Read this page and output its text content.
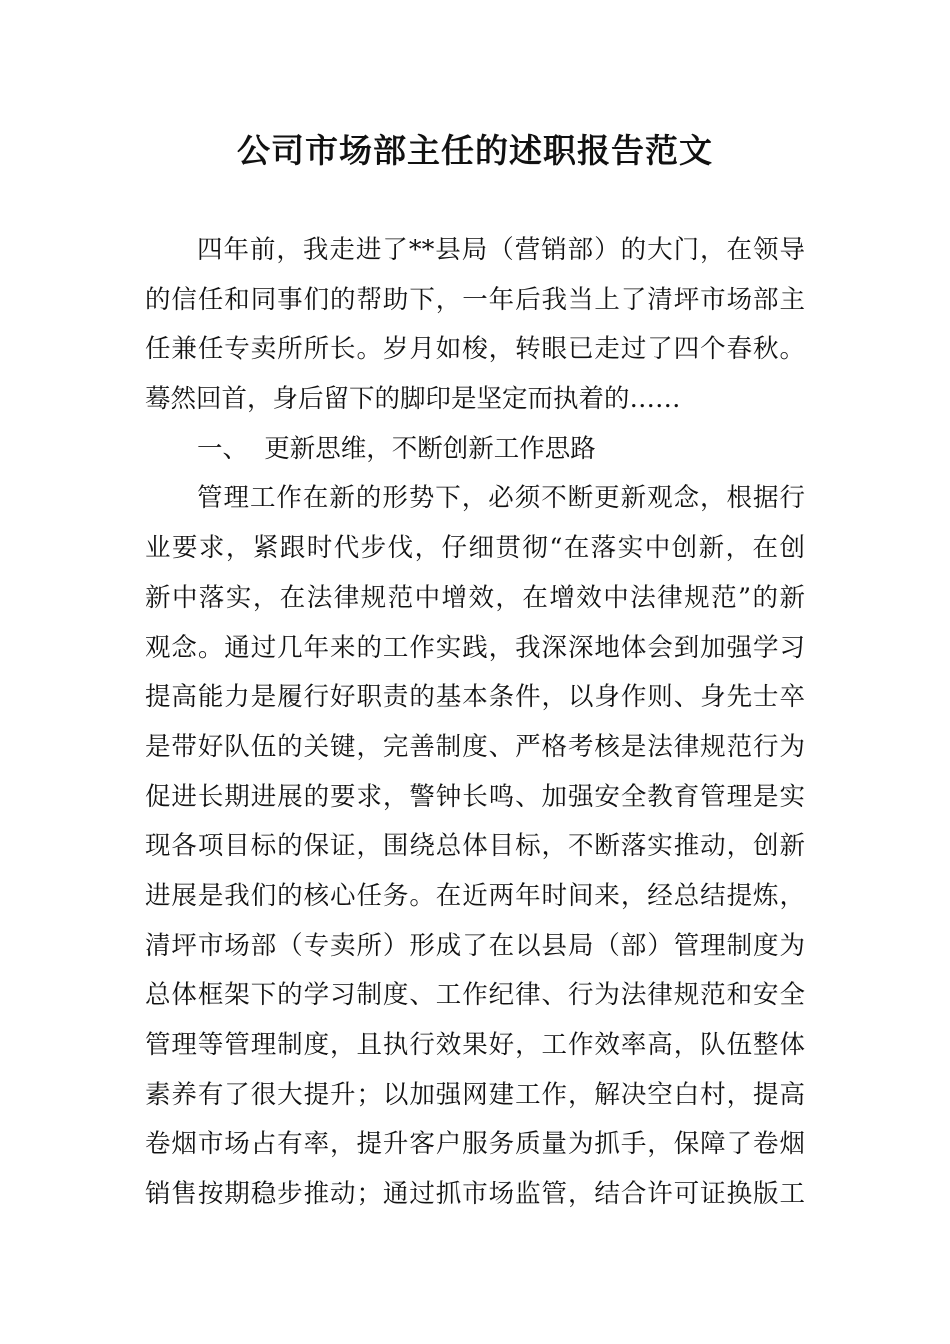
公司市场部主任的述职报告范文
四年前，我走进了**县局（营销部）的大门，在领导
的信任和同事们的帮助下，一年后我当上了清坪市场部主
任兼任专卖所所长。岁月如梭，转眼已走过了四个春秋。
蓦然回首，身后留下的脚印是坚定而执着的……
一、  更新思维，不断创新工作思路
管理工作在新的形势下，必须不断更新观念，根据行
业要求，紧跟时代步伐，仔细贯彻“在落实中创新，在创
新中落实，在法律规范中增效，在增效中法律规范”的新
观念。通过几年来的工作实践，我深深地体会到加强学习
提高能力是履行好职责的基本条件，以身作则、身先士卒
是带好队伍的关键，完善制度、严格考核是法律规范行为
促进长期进展的要求，警钟长鸣、加强安全教育管理是实
现各项目标的保证，围绕总体目标，不断落实推动，创新
进展是我们的核心任务。在近两年时间来，经总结提炼，
清坪市场部（专卖所）形成了在以县局（部）管理制度为
总体框架下的学习制度、工作纪律、行为法律规范和安全
管理等管理制度，且执行效果好，工作效率高，队伍整体
素养有了很大提升；以加强网建工作，解决空白村，提高
卷烟市场占有率，提升客户服务质量为抓手，保障了卷烟
销售按期稳步推动；通过抓市场监管，结合许可证换版工
